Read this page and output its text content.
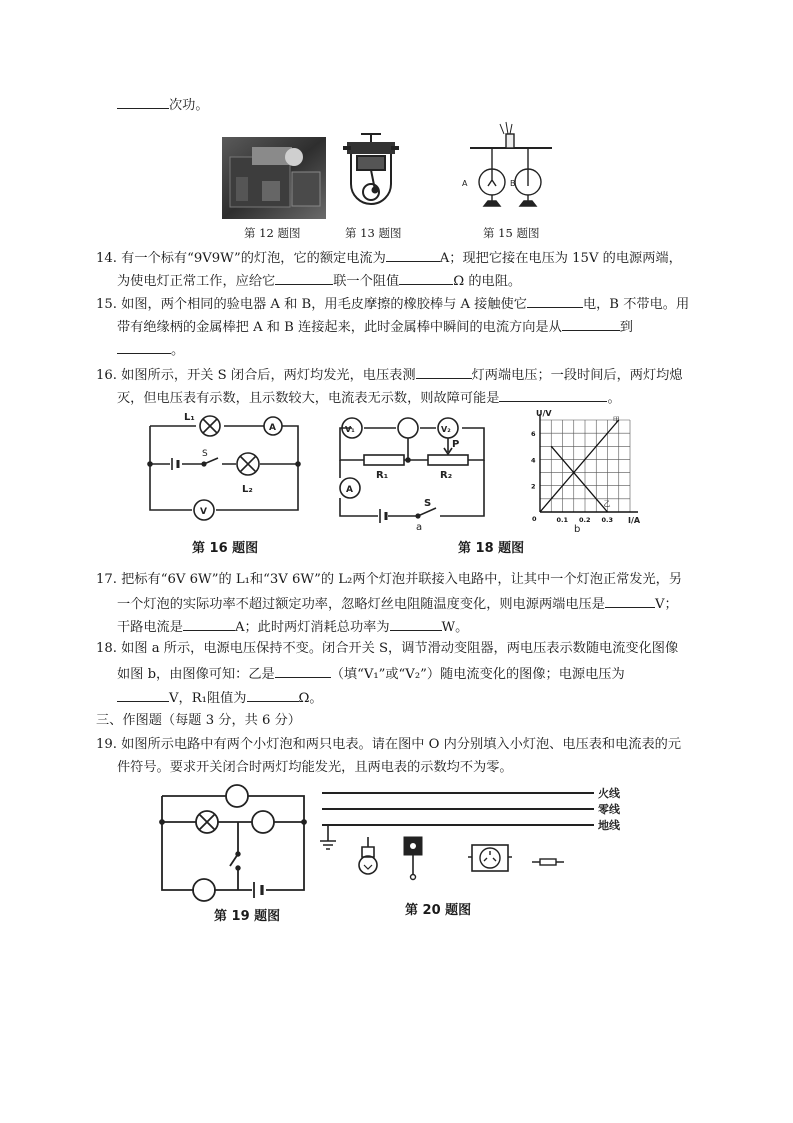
次功。
14. 有一个标有“9V9W”的灯泡，它的额定电流为	A；现把它接在电压为 15V 的电源两端，
为使电灯正常工作，应给它	联一个阻值	Ω 的电阻。
15. 如图，两个相同的验电器 A 和 B，用毛皮摩擦的橡胶棒与 A 接触使它	电，B 不带电。用
带有绝缘柄的金属棒把 A 和 B 连接起来，此时金属棒中瞬间的电流方向是从	到
。
16. 如图所示，开关 S 闭合后，两灯均发光，电压表测	灯两端电压；一段时间后，两灯均熄
灭，但电压表有示数，且示数较大，电流表无示数，则故障可能是	。
17. 把标有“6V 6W”的 L₁和“3V 6W”的 L₂两个灯泡并联接入电路中，让其中一个灯泡正常发光，另
一个灯泡的实际功率不超过额定功率，忽略灯丝电阻随温度变化，则电源两端电压是	V；
干路电流是	A；此时两灯消耗总功率为	W。
18. 如图 a 所示，电源电压保持不变。闭合开关 S，调节滑动变阻器，两电压表示数随电流变化图像
如图 b，由图像可知：乙是	（填“V₁”或“V₂”）随电流变化的图像；电源电压为
V，R₁阻值为	Ω。
三、作图题（每题 3 分，共 6 分）
19. 如图所示电路中有两个小灯泡和两只电表。请在图中 O 内分别填入小灯泡、电压表和电流表的元
件符号。要求开关闭合时两灯均能发光，且两电表的示数均不为零。
第 12 题图	第 13 题图
A	B
第 15 题图
A
V
L₁
L₂
S
第 16 题图
V₁	V₂
A
P
R₁	R₂
S
a
第 18 题图
甲
乙
0.1 0.2 0.3
2
4
6
0
U/V
I/A
b
第 19 题图
火线
零线
地线
第 20 题图
